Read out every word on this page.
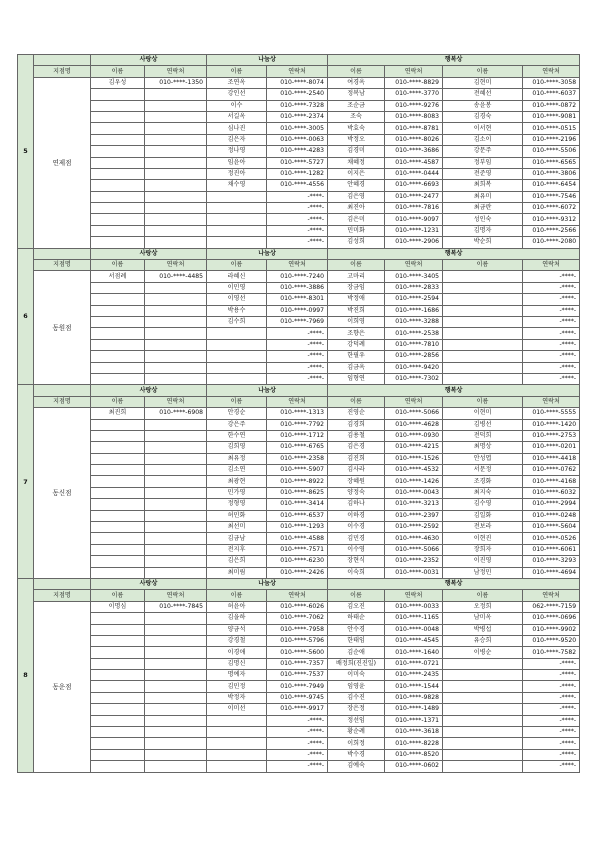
5		사랑상		나눔상		행복상			
	지점명	이름	연락처	이름	연락처	이름	연락처	이름	연락처
	연제점	김우성	010-****-1350	조연옥	010-****-8074	여경옥	010-****-8829	김현미	010-****-3058
				강인선	010-****-2540	정복남	010-****-3770	전혜선	010-****-6037
				이수	010-****-7328	조순금	010-****-9276	송윤봉	010-****-0872
				서길옥	010-****-2374	조숙	010-****-8083	김경숙	010-****-9081
				심나진	010-****-3005	박효숙	010-****-8781	이서현	010-****-0515
				김은자	010-****-0063	박정오	010-****-8026	김소이	010-****-2196
				정나영	010-****-4283	김경미	010-****-3686	강문주	010-****-5506
				임윤아	010-****-5727	채혜정	010-****-4587	정부임	010-****-6565
				정진아	010-****-1282	이지은	010-****-0444	전준영	010-****-3806
				채수영	010-****-4556	안혜경	010-****-6693	최희복	010-****-6454
					-****-	김은영	010-****-2477	최유미	010-****-7546
					-****-	최진아	010-****-7816	최금란	010-****-6072
					-****-	김은미	010-****-9097	성인숙	010-****-9312
					-****-	민미화	010-****-1231	김명자	010-****-2566
					-****-	김성희	010-****-2906	박순희	010-****-2080
6		사랑상		나눔상		행복상			
	지점명	이름	연락처	이름	연락처	이름	연락처	이름	연락처
	동원점	서점례	010-****-4485	라혜신	010-****-7240	고마리	010-****-3405		-****-
				이민영	010-****-3886	장금임	010-****-2833		-****-
				이영선	010-****-8301	박정애	010-****-2594		-****-
				박용수	010-****-0997	박진희	010-****-1686		-****-
				김수희	010-****-7969	이희영	010-****-3288		-****-
					-****-	조향은	010-****-2538		-****-
					-****-	강덕례	010-****-7810		-****-
					-****-	한필우	010-****-2856		-****-
					-****-	김금옥	010-****-9420		-****-
					-****-	임형연	010-****-7302		-****-
7		사랑상		나눔상		행복상			
	지점명	이름	연락처	이름	연락처	이름	연락처	이름	연락처
	동신점	최진희	010-****-6908	안경순	010-****-1313	진영순	010-****-5066	이현미	010-****-5555
				강은주	010-****-7792	김경희	010-****-4628	김병선	010-****-1420
				한수연	010-****-1712	김용철	010-****-0930	전덕희	010-****-2753
				김희영	010-****-6765	김은경	010-****-4215	최명상	010-****-0201
				최유정	010-****-2358	김진희	010-****-1526	안성엽	010-****-4418
				김소연	010-****-5907	김사라	010-****-4532	서문정	010-****-0762
				최광현	010-****-8922	장혜원	010-****-1426	조경화	010-****-4168
				민가영	010-****-8625	양정숙	010-****-0043	최지숙	010-****-6032
				정형영	010-****-3414	김하나	010-****-3213	김수영	010-****-2994
				허민화	010-****-6537	이하경	010-****-2397	김일화	010-****-0248
				최선미	010-****-1293	이수경	010-****-2592	전보라	010-****-5604
				김금남	010-****-4588	김민경	010-****-4630	이현진	010-****-0526
				전지후	010-****-7571	이수영	010-****-5066	장희자	010-****-6061
				김은희	010-****-6230	장현식	010-****-2352	이진영	010-****-3293
				최미림	010-****-2426	이숙희	010-****-0031	남정민	010-****-4694
8		사랑상		나눔상		행복상			
	지점명	이름	연락처	이름	연락처	이름	연락처	이름	연락처
	동운점	이명심	010-****-7845	허윤아	010-****-6026	김오진	010-****-0033	오정희	062-****-7159
				김을하	010-****-7062	하태순	010-****-1165	남미옥	010-****-0696
				양금석	010-****-7958	안수경	010-****-0048	박병섭	010-****-9902
				강경철	010-****-5796	한태임	010-****-4545	유승희	010-****-9520
				이경애	010-****-5600	김순애	010-****-1640	이병순	010-****-7582
				김명신	010-****-7357	배정희(진진일)	010-****-0721		-****-
				명예자	010-****-7537	이미숙	010-****-2435		-****-
				김민정	010-****-7949	임영윤	010-****-1544		-****-
				박정자	010-****-9745	김수진	010-****-9828		-****-
				이미선	010-****-9917	장은정	010-****-1489		-****-
					-****-	정선임	010-****-1371		-****-
					-****-	황순례	010-****-3618		-****-
					-****-	이희정	010-****-8228		-****-
					-****-	박수경	010-****-8520		-****-
					-****-	김예숙	010-****-0602		-****-
